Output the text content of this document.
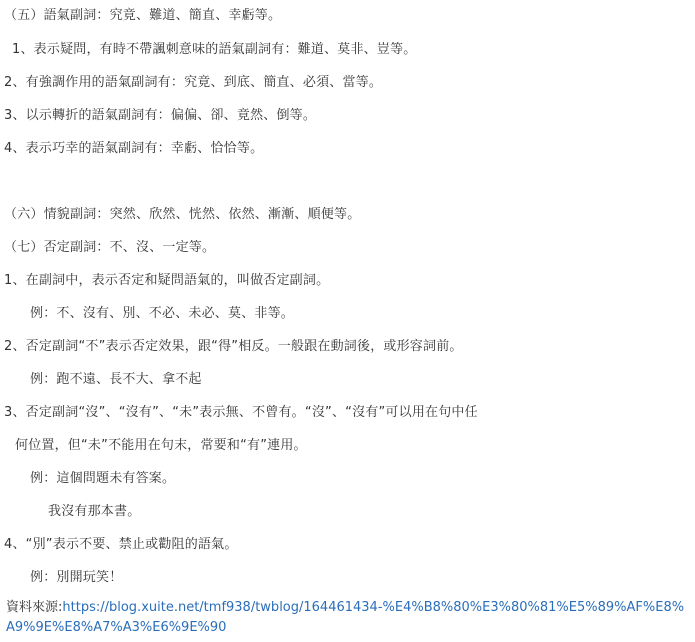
（五）語氣副詞：究竟、難道、簡直、幸虧等。
1、表示疑問，有時不帶諷刺意味的語氣副詞有：難道、莫非、豈等。
2、有強調作用的語氣副詞有：究竟、到底、簡直、必須、當等。
3、以示轉折的語氣副詞有：偏偏、卻、竟然、倒等。
4、表示巧幸的語氣副詞有：幸虧、恰恰等。
（六）情貌副詞：突然、欣然、恍然、依然、漸漸、順便等。
（七）否定副詞：不、沒、一定等。
1、在副詞中，表示否定和疑問語氣的，叫做否定副詞。
例：不、沒有、別、不必、未必、莫、非等。
2、否定副詞“不”表示否定效果，跟“得”相反。一般跟在動詞後，或形容詞前。
例：跑不遠、長不大、拿不起
3、否定副詞“沒”、“沒有”、“未”表示無、不曾有。“沒”、“沒有”可以用在句中任
何位置，但“未”不能用在句末，常要和“有”連用。
例：這個問題未有答案。
我沒有那本書。
4、“別”表示不要、禁止或勸阻的語氣。
例：別開玩笑！
資料來源:https://blog.xuite.net/tmf938/twblog/164461434-%E4%B8%80%E3%80%81%E5%89%AF%E8%A9%9E%E8%A7%A3%E6%9E%90
